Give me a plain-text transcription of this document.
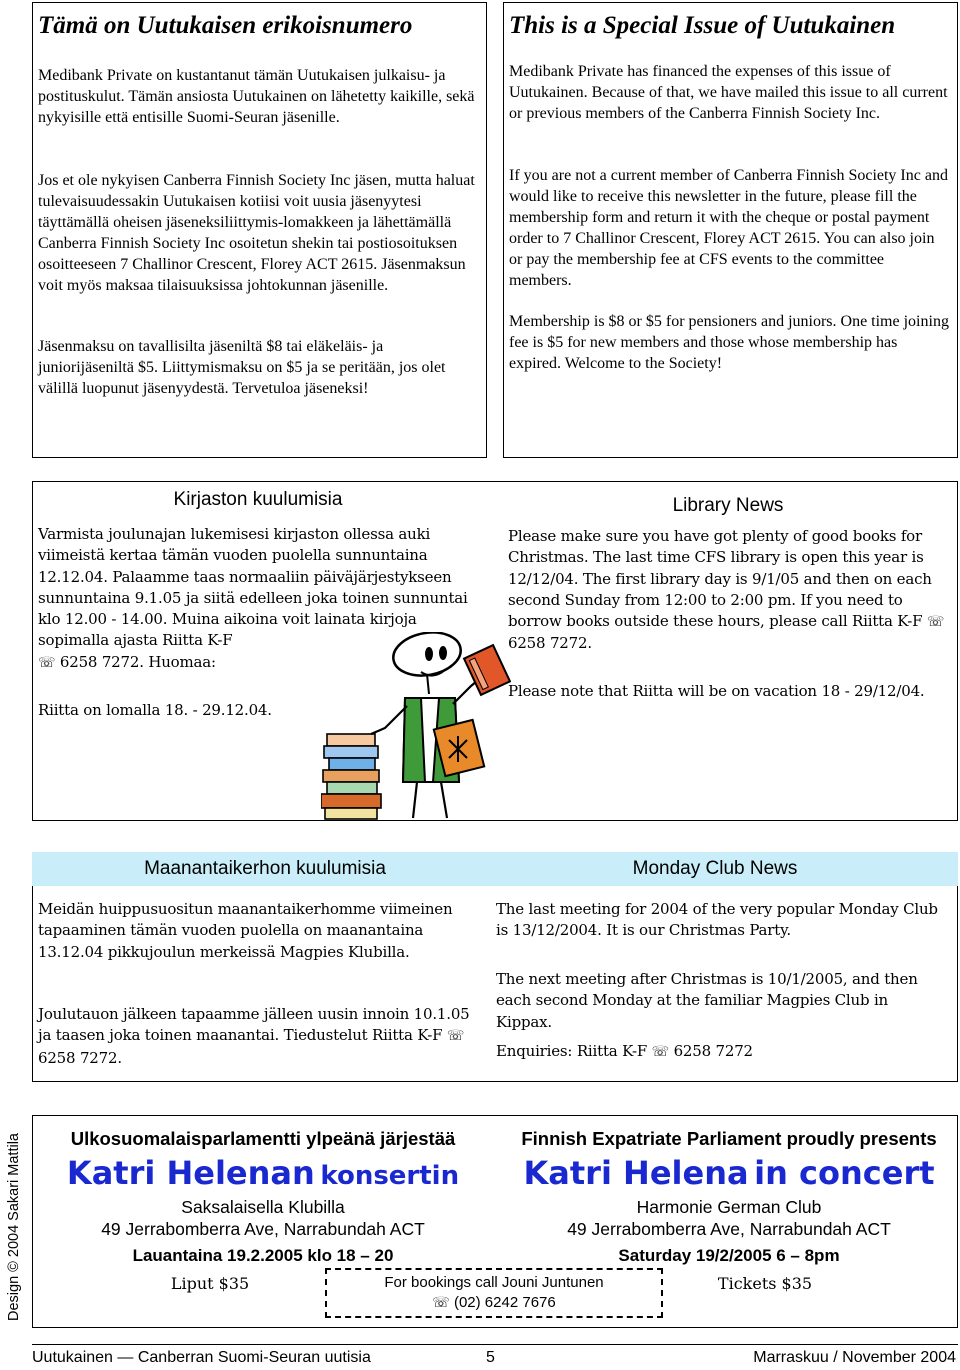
Tämä on Uutukaisen erikoisnumero

Medibank Private on kustantanut tämän Uutukaisen julkaisu- ja postituskulut. Tämän ansiosta Uutukainen on lähetetty kaikille, sekä nykyisille että entisille Suomi-Seuran jäsenille.

Jos et ole nykyisen Canberra Finnish Society Inc jäsen, mutta haluat tulevaisuudessakin Uutukaisen kotiisi voit uusia jäsenyytesi täyttämällä oheisen jäseneksiliittymis-lomakkeen ja lähettämällä Canberra Finnish Society Inc osoitetun shekin tai postiosoituksen osoitteeseen 7 Challinor Crescent, Florey ACT 2615. Jäsenmaksun voit myös maksaa tilaisuuksissa johtokunnan jäsenille.

Jäsenmaksu on tavallisilta jäseniltä $8 tai eläkeläis- ja juniorijäseniltä $5. Liittymismaksu on $5 ja se peritään, jos olet välillä luopunut jäsenyydestä. Tervetuloa jäseneksi!

This is a Special Issue of Uutukainen

Medibank Private has financed the expenses of this issue of Uutukainen. Because of that, we have mailed this issue to all current or previous members of the Canberra Finnish Society Inc.

If you are not a current member of Canberra Finnish Society Inc and would like to receive this newsletter in the future, please fill the membership form and return it with the cheque or postal payment order to 7 Challinor Crescent, Florey ACT 2615. You can also join or pay the membership fee at CFS events to the committee members.

Membership is $8 or $5 for pensioners and juniors. One time joining fee is $5 for new members and those whose membership has expired. Welcome to the Society!

Kirjaston kuulumisia
Varmista joulunajan lukemisesi kirjaston ollessa auki viimeistä kertaa tämän vuoden puolella sunnuntaina 12.12.04. Palaamme taas normaaliin päiväjärjestykseen sunnuntaina 9.1.05 ja siitä edelleen joka toinen sunnuntai klo 12.00 - 14.00. Muina aikoina voit lainata kirjoja sopimalla ajasta Riitta K-F
☏ 6258 7272. Huomaa:

Riitta on lomalla 18. - 29.12.04.

Library News
Please make sure you have got plenty of good books for Christmas. The last time CFS library is open this year is 12/12/04. The first library day is 9/1/05 and then on each second Sunday from 12:00 to 2:00 pm. If you need to borrow books outside these hours, please call Riitta K-F ☏
6258 7272.

Please note that Riitta will be on vacation 18 - 29/12/04.

Maanantaikerhon kuulumisia	Monday Club News

Meidän huippusuositun maanantaikerhomme viimeinen tapaaminen tämän vuoden puolella on maanantaina 13.12.04 pikkujoulun merkeissä Magpies Klubilla.

Joulutauon jälkeen tapaamme jälleen uusin innoin 10.1.05 ja taasen joka toinen maanantai. Tiedustelut Riitta K-F ☏ 6258 7272.

The last meeting for 2004 of the very popular Monday Club is 13/12/2004. It is our Christmas Party.

The next meeting after Christmas is 10/1/2005, and then each second Monday at the familiar Magpies Club in Kippax.

Enquiries: Riitta K-F ☏ 6258 7272
Design © 2004 Sakari Mattila	Ulkosuomalaisparlamentti ylpeänä järjestää
Katri Helenan konsertin
Saksalaisella Klubilla
49 Jerrabomberra Ave, Narrabundah ACT
Lauantaina 19.2.2005 klo 18 – 20
Liput $35
Finnish Expatriate Parliament proudly presents
Katri Helena in concert
Harmonie German Club
49 Jerrabomberra Ave, Narrabundah ACT
Saturday 19/2/2005 6 – 8pm
Tickets $35
For bookings call Jouni Juntunen
☏ (02) 6242 7676
Uutukainen — Canberran Suomi-Seuran uutisia	5	Marraskuu / November 2004
